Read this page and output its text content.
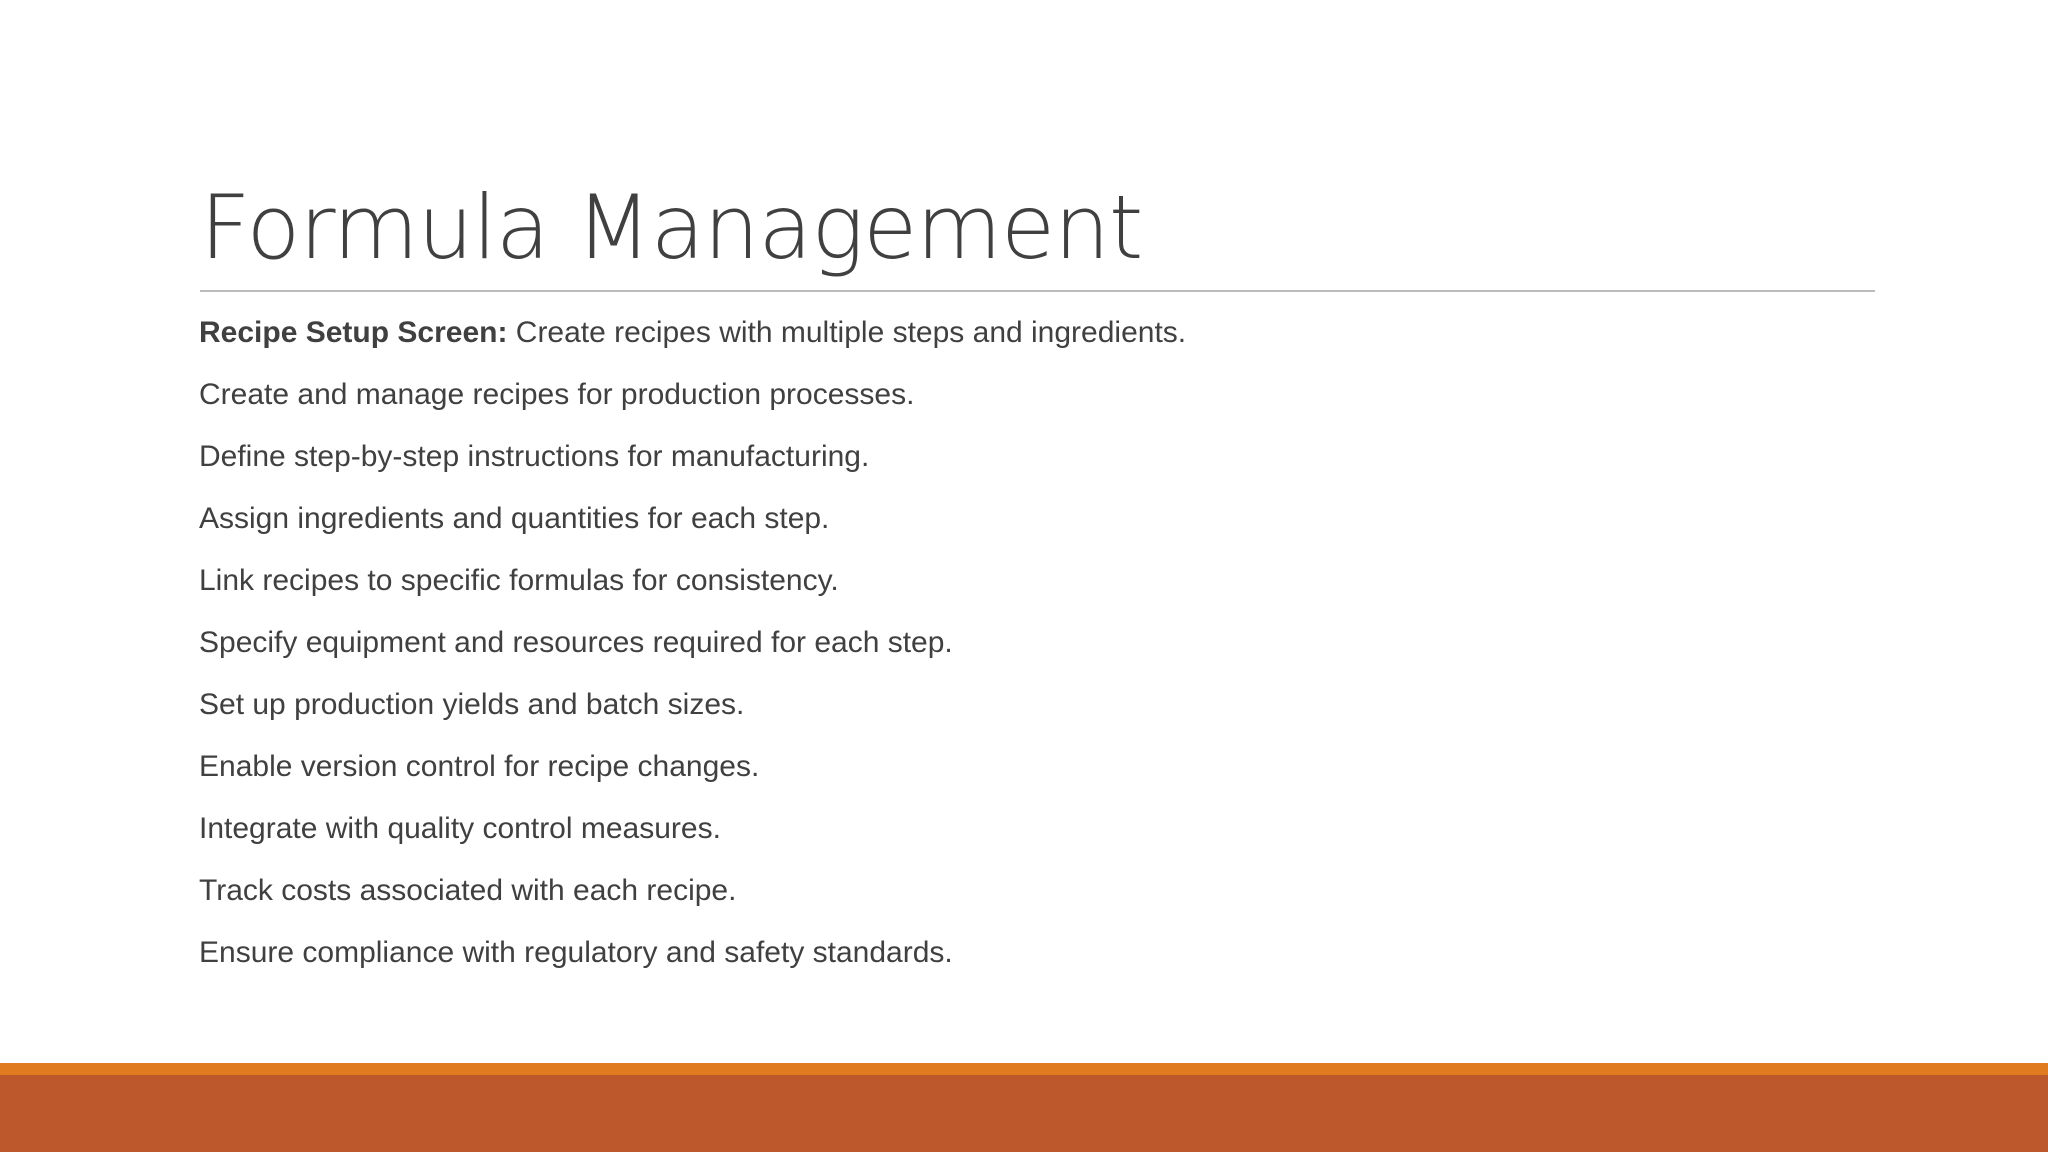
Formula Management
Recipe Setup Screen: Create recipes with multiple steps and ingredients.
Create and manage recipes for production processes.
Define step-by-step instructions for manufacturing.
Assign ingredients and quantities for each step.
Link recipes to specific formulas for consistency.
Specify equipment and resources required for each step.
Set up production yields and batch sizes.
Enable version control for recipe changes.
Integrate with quality control measures.
Track costs associated with each recipe.
Ensure compliance with regulatory and safety standards.
